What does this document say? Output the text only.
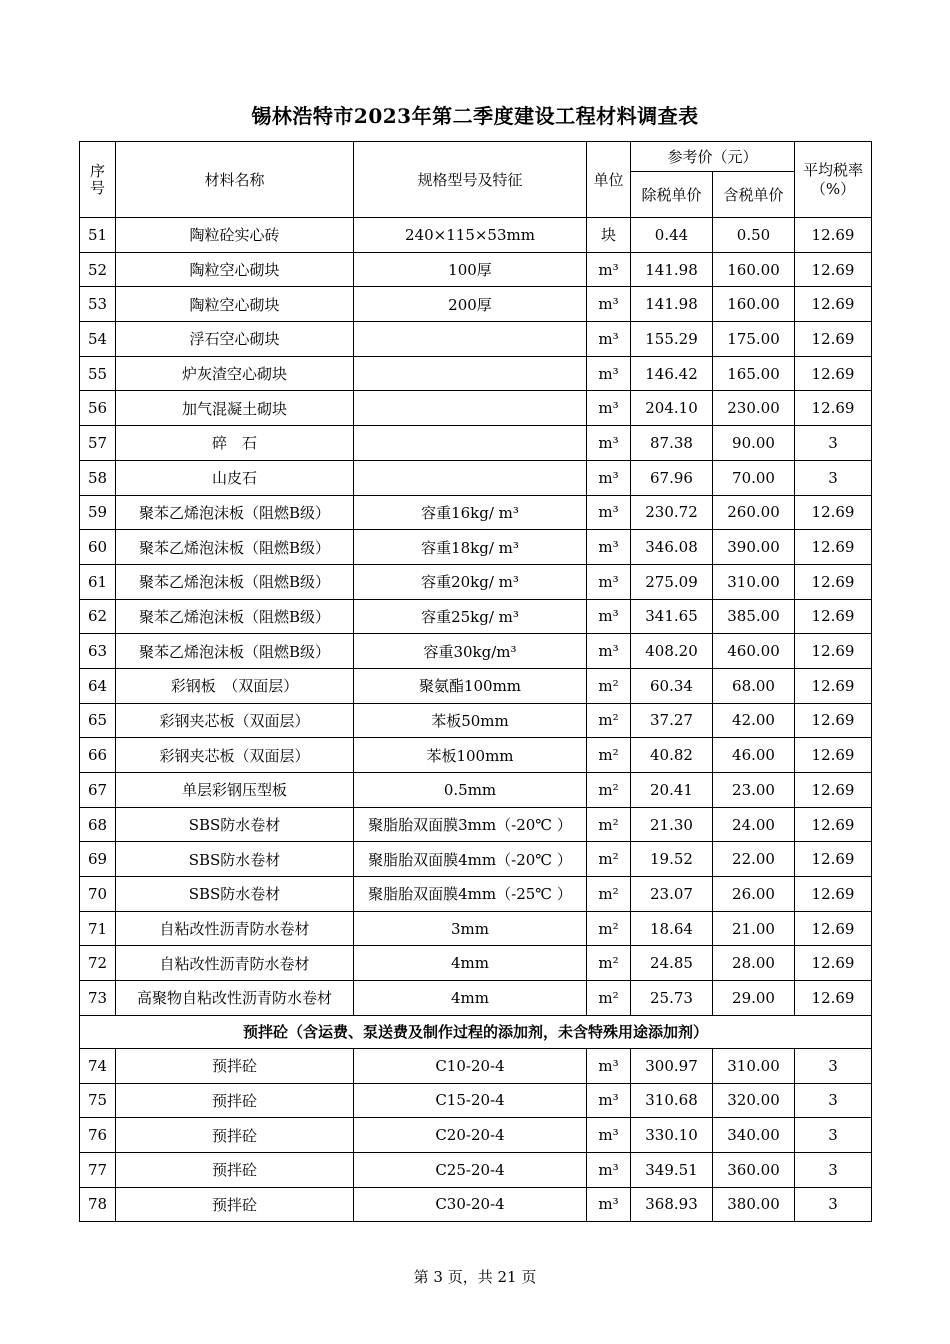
锡林浩特市2023年第二季度建设工程材料调查表
序号	材料名称	规格型号及特征	单位	参考价（元）		平均税率（%）
				除税单价	含税单价	
51	陶粒砼实心砖	240×115×53mm	块	0.44	0.50	12.69
52	陶粒空心砌块	100厚	m³	141.98	160.00	12.69
53	陶粒空心砌块	200厚	m³	141.98	160.00	12.69
54	浮石空心砌块		m³	155.29	175.00	12.69
55	炉灰渣空心砌块		m³	146.42	165.00	12.69
56	加气混凝土砌块		m³	204.10	230.00	12.69
57	碎　石		m³	87.38	90.00	3
58	山皮石		m³	67.96	70.00	3
59	聚苯乙烯泡沫板（阻燃B级）	容重16kg/ m³	m³	230.72	260.00	12.69
60	聚苯乙烯泡沫板（阻燃B级）	容重18kg/ m³	m³	346.08	390.00	12.69
61	聚苯乙烯泡沫板（阻燃B级）	容重20kg/ m³	m³	275.09	310.00	12.69
62	聚苯乙烯泡沫板（阻燃B级）	容重25kg/ m³	m³	341.65	385.00	12.69
63	聚苯乙烯泡沫板（阻燃B级）	容重30kg/m³	m³	408.20	460.00	12.69
64	彩钢板　（双面层）	聚氨酯100mm	m²	60.34	68.00	12.69
65	彩钢夹芯板（双面层）	苯板50mm	m²	37.27	42.00	12.69
66	彩钢夹芯板（双面层）	苯板100mm	m²	40.82	46.00	12.69
67	单层彩钢压型板	0.5mm	m²	20.41	23.00	12.69
68	SBS防水卷材	聚脂胎双面膜3mm（-20℃ ）	m²	21.30	24.00	12.69
69	SBS防水卷材	聚脂胎双面膜4mm（-20℃ ）	m²	19.52	22.00	12.69
70	SBS防水卷材	聚脂胎双面膜4mm（-25℃ ）	m²	23.07	26.00	12.69
71	自粘改性沥青防水卷材	3mm	m²	18.64	21.00	12.69
72	自粘改性沥青防水卷材	4mm	m²	24.85	28.00	12.69
73	高聚物自粘改性沥青防水卷材	4mm	m²	25.73	29.00	12.69
预拌砼（含运费、泵送费及制作过程的添加剂，未含特殊用途添加剂）						
74	预拌砼	C10-20-4	m³	300.97	310.00	3
75	预拌砼	C15-20-4	m³	310.68	320.00	3
76	预拌砼	C20-20-4	m³	330.10	340.00	3
77	预拌砼	C25-20-4	m³	349.51	360.00	3
78	预拌砼	C30-20-4	m³	368.93	380.00	3
第 3 页，共 21 页
